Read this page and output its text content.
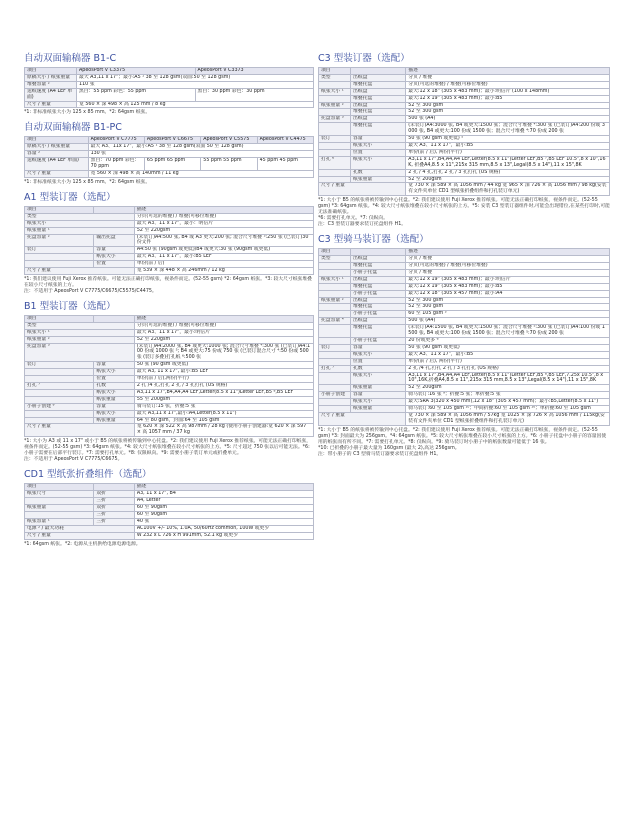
自动双面输稿器 B1-C
项目	ApeosPort V C3375	ApeosPort V C3373
原稿大小 / 纸张重量	最大 A3,11 x 17"；最小:A5 ¹ 38 至 128 gsm(双面:50 至 128 gsm)	
堆叠容量 ²	110 张	
送纸速度 (A4 LEF 单面)	黑白：55 ppm 彩色：55 ppm	黑白：30 ppm 彩色：30 ppm
尺寸 / 重量	宽 560 × 深 498 × 高 125 mm / 8 kg	
*1: 非标准纸张大小为 125 x 85 mm。*2: 64gsm 纸张。
自动双面输稿器 B1-PC
项目	ApeosPort V C7775	ApeosPort V C6675	ApeosPort V C5575	ApeosPort V C4475
原稿大小 / 纸张重量	最大 A3、11x 17"，最小:A5 ¹ 38 至 128 gsm(双面 50 至 128 gsm)			
容量 ²	130 张			
送纸速度 (A4 LEF 单面)	黑白：70 ppm 彩色：70 ppm	65 ppm 65 ppm	55 ppm 55 ppm	45 ppm 45 ppm
尺寸 / 重量	宽 560 × 深 498 × 高 140mm / 11 kg			
*1: 非标准纸张大小为 125 x 85 mm。*2: 64gsm 纸张。
A1 型装订器（选配）
项目		描述
类型		分页(可选的堆叠) / 堆叠(可移位堆叠)
纸张大小		最大 A3、11 x 17"，最小：明信片
纸张重量 ¹		52 至 220gsm
托盘容量 ²	输出托盘	(未装订)A4:500 张, B4 或 A3 更大:200 张; 混合尺寸堆叠 ³:250 张 (已装订)30 份文件
装订	容量	A4:50 张 (90gsm 或更低)/B4 或更大:30 张 (90gsm 或更低)
	纸张大小	最大 A3、11 x 17"，最小:B5 LEF
	位置	单份(前 / 后)
尺寸 / 重量		宽 539 × 深 448 × 高 246mm / 12 kg
*1: 我们建议使用 Fuji Xerox 推荐纸张。可能无法正确打印纸张，视条件而定。(52-55 gsm) *2: 64gsm 纸张。*3: 较大尺寸纸张堆叠在较小尺寸纸张的上方。
注：不适用于 ApeosPort V C7775/C6675/C5575/C4475。
B1 型装订器（选配）
项目		描述
类型		分页(可选的堆叠) / 堆叠(可移位堆叠)
纸张大小 ¹		最大 A3、11 x 17"，最小:明信片
纸张重量 ²		52 至 220gsm
托盘容量 ³		(未装订)A4:2000 张, B4 或更大:1000 张; 混合尺寸堆叠 ⁴:300 张 (已装订)A4:100 份或 1000 张 ⁵; B4 或更大:75 份或 750 张 (已装订混合尺寸 ⁴:50 份或 500 张 (装订多叠)打孔纸 ⁶:500 张
装订	容量	50 张 (90 gsm 或更低)
	纸张大小	最大 A3, 11 x 17", 最小:B5 LEF
	位置	单份(前 / 后),两份(平行)
打孔 ⁷	孔数	2 孔 /4 孔,打孔 2 孔 / 3 孔打孔 (US 规格)
	纸张大小	A3,11 x 17",B4,A4,A4 LEF,Letter(8.5 x 11")Letter LEF,B5 ⁸,B5 LEF
	纸张重量	55 至 200gsm
小册子创建 ⁹	容量	骑马装订:15 张，折叠:5 张
	纸张大小	最大 A3,11 x 17",最小:A4,Letter(8.5 x 11")
	纸张重量	64 至 80 gsm，封面:64 至 105 gsm
尺寸 / 重量		宽 620 × 深 522 × 高 987mm / 28 kg (使用小册子创建器:宽 620 × 深 597 × 高 1057 mm / 37 kg
*1: 大小为 A3 或 11 x 17" 或小于 B5 的纸张将被传输到中心托盘。*2: 我们建议使用 Fuji Xerox 推荐纸张。可能无法正确打印纸张，视条件而定。(52-55 gsm) *3: 64gsm 纸张。*4: 较大尺寸纸张堆叠在较小尺寸纸张的上方。*5: 尺寸超过 750 张以后可能无法。*6: 小册子需要在后部平行装订。*7: 需要打孔单元。*8: 仅限纵向。*9: 需要小册子装订单元或折叠单元。
注：不适用于 ApeosPort V C7775/C6675。
CD1 型纸张折叠组件（选配）
项目		描述
纸张尺寸	双折	A3, 11 x 17", B4
	三折	A4, Letter
纸张重量	双折	60 至 90gsm
	三折	60 至 90gsm
纸张容量 ¹	三折	40 张
电源 ² / 最大功耗		AC100V +/- 10%, 1.0A, 50/60Hz common, 100W 或更少
尺寸 / 重量		W 232 x L 726 x H 991mm, 52.1 kg 或更少
*1: 64gsm 纸张。*2: 电源从主机供给电源电源电源。
C3 型装订器（选配）
项目		描述
类型	出纸盘	分页 / 堆叠
	堆叠托盘	分页(可选的堆叠) / 堆叠(可移位堆叠)
纸张大小 ¹	出纸盘	最大:12 x 18" (305 x 483 mm)；最小:明信片 (100 x 148mm)
	堆叠托盘	最大:12 x 19" (305 x 483 mm)；最小:B5
纸张重量 ²	出纸盘	52 至 300 gsm
	堆叠托盘	52 至 300 gsm
托盘容量 ³	出纸盘	500 张 (A4)
	堆叠托盘	(未装订)A4:3000 张, B4 或更大:1500 张；混合尺寸堆叠 ⁴:300 张 (已装订)A4:200 份或 3000 张, B4 或更大:100 份或 1500 张；混合尺寸堆叠 ⁴:70 份或 200 张
装订	容量	50 张 (90 gsm 或更低) ⁵
	纸张大小	最大 A3、11 x 17"，最小:B5
	位置	单份(前 / 后), 两份(平行)
打孔 ⁶	纸张大小	A3,11 x 17",B4,A4,A4 LEF,Letter(8.5 x 11")Letter LEF,B5 ⁷,B5 LEF 10.5",8 x 10",16K, 折叠A4,8.5 x 11",215x 315 mm,8.5 x 13",Legal(8.5 x 14"),11 x 15",8K
	孔数	2 孔 / 4 孔,打孔 2 孔 / 3 孔打孔 (US 规格)
	纸张重量	52 至 200gsm
尺寸 / 重量		宽 730 × 深 589 × 高 1056 mm / 44 kg 宽 965 × 深 726 × 高 1056 mm / 98 kg(安装有文件夹单位 CD1 型纸张折叠组件和打孔装订单元)
*1: 大小于 B5 的纸张将被传输到中心托盘。*2: 我们建议使用 Fuji Xerox 推荐纸张。可能无法正确打印纸张，视条件而定。(52-55 gsm) *3: 64gsm 纸张。*4: 较大尺寸纸张堆叠在较小尺寸纸张的上方。*5: 安装 C3 型装订器组件时,可能会出现错位,在某些打印时,可能无法准确纸张。
*6: 需要打孔单元。*7: 仅纵向。
注：C3 型装订器要求装订托盘组件 H1。
C3 型骑马装订器（选配）
项目		描述
类型	出纸盘	分页 / 堆叠
	堆叠托盘	分页(可选的堆叠) / 堆叠(可移位堆叠)
	小册子托盘	分页 / 堆叠
纸张大小 ¹	出纸盘	最大:12 x 19" (305 x 483 mm)；最小:明信片
	堆叠托盘	最大:12 x 19" (305 x 483 mm)；最小:B5
	小册子托盘	最大:12 x 18" (305 x 457 mm)；最小:A4
纸张重量 ²	出纸盘	52 至 300 gsm
	堆叠托盘	52 至 300 gsm
	小册子托盘	60 至 105 gsm ³
托盘容量 ⁴	出纸盘	500 张 (A4)
	堆叠托盘	(未装订)A4:1500 张, B4 或更大:1500 张；混合尺寸堆叠 ⁵:300 张 (已装订)A4:100 份或 1500 张, B4 或更大:100 份或 1500 张；混合尺寸堆叠 ⁵:70 份或 200 张
	小册子托盘	20 份或更多 ⁶
装订	容量	50 张 (90 gsm 或更低)
	纸张大小	最大 A3、11 x 17"，最小:B5
	位置	单份(前 / 后), 两份(平行)
打孔 ⁷	孔数	2 孔 /4 孔,打孔 2 孔 / 3 孔打孔 (US 规格)
	纸张大小	A3,11 x 17",B4,A4,A4 LEF,Letter(8.5 x 11")Letter LEF,B5 ⁸,B5 LEF,7.25x 10.5",8 x 10",16K,折叠A4,8.5 x 11",215x 315 mm,8.5 x 13",Legal(8.5 x 14"),11 x 15",8K
	纸张重量	52 至 200gsm
小册子创建	容量	骑马装订:16 张 ⁹；折叠:5 张；单折叠:5 张
	纸张大小	最大:SRA 3(320 x 450 mm),12 x 18" (305 x 457 mm)；最小:B5,Letter(8.5 x 11")
	纸张重量	骑马装订:60 至 105 gsm ¹⁰；中间折叠:60 至 105 gsm ¹⁰；单折叠:60 至 105 gsm
尺寸 / 重量		宽 730 × 深 589 × 高 1056 mm / 57kg 宽 1025 × 深 726 × 高 1056 mm / 115kg(安装有文件夹单位 CD1 型纸张折叠组件和打孔装订单元)
*1: 大小于 B5 的纸张将被传输到中心托盘。*2: 我们建议使用 Fuji Xerox 推荐纸张。可能无法正确打印纸张，视条件而定。(52-55 gsm) *3: 封面最大为 256gsm。*4: 64gsm 纸张。*5: 较大尺寸纸张堆叠在较小尺寸纸张的上方。*6: 小册子托盘中小册子的容量因使用的纸张而有所不同。*7: 需要打孔单元。*8: 仅纵向。*9: 骑马装订时小册子中的纸张数量可能低于 16 张。
*10: 已折叠的小册子最大量为 160gsm (最大 2),高达 256gsm。
注：带小册子的 C3 型骑马装订器要求装订托盘组件 H1。
